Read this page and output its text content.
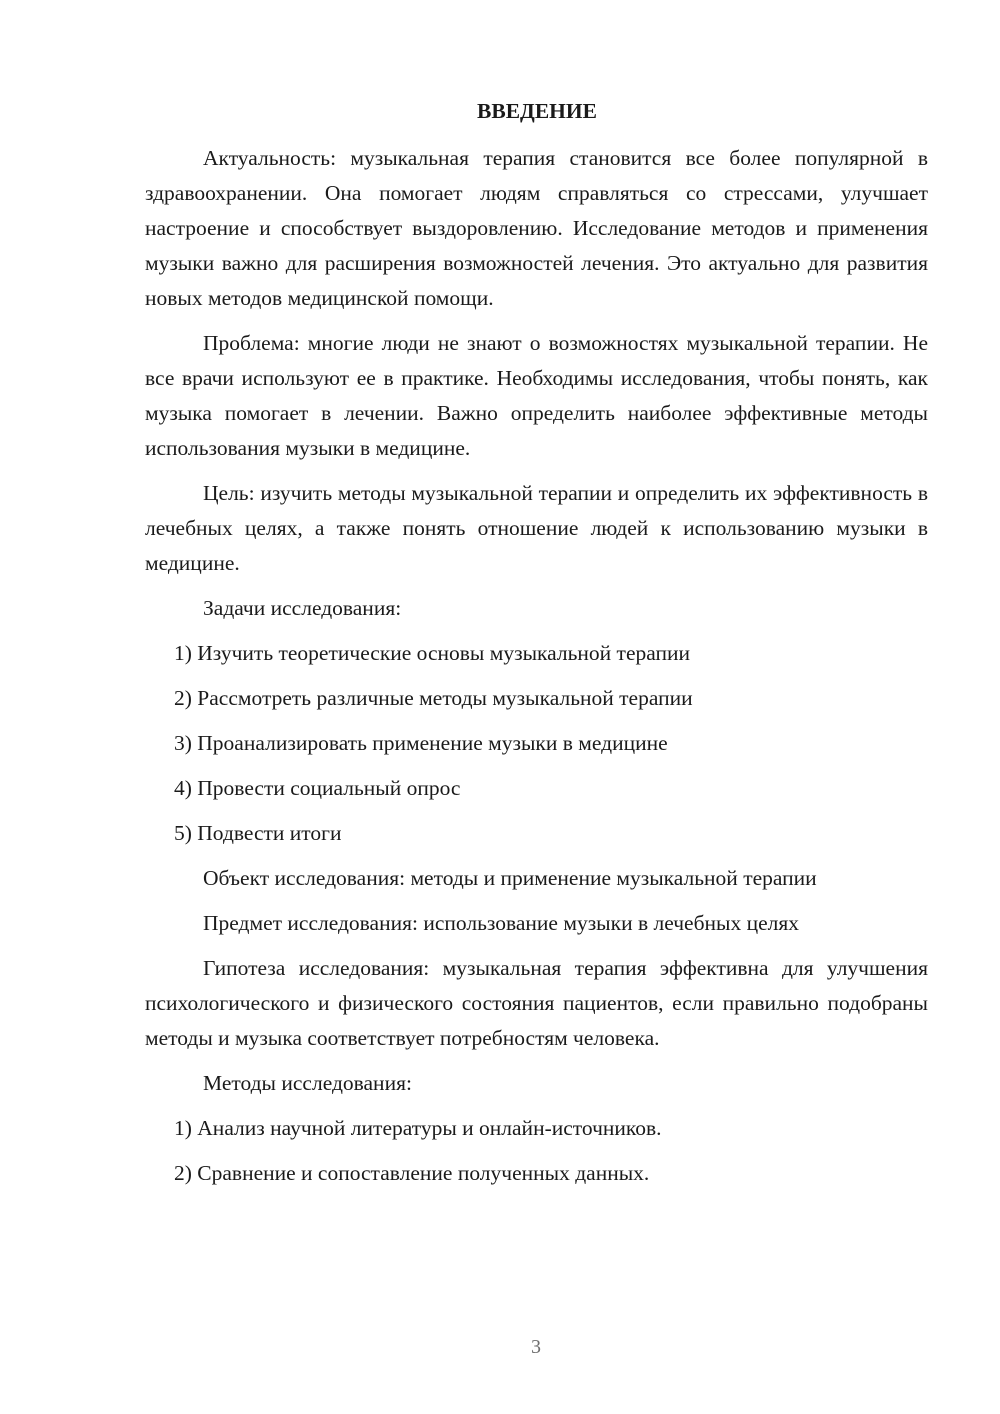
ВВЕДЕНИЕ

Актуальность: музыкальная терапия становится все более популярной в здравоохранении. Она помогает людям справляться со стрессами, улучшает настроение и способствует выздоровлению. Исследование методов и применения музыки важно для расширения возможностей лечения. Это актуально для развития новых методов медицинской помощи.

Проблема: многие люди не знают о возможностях музыкальной терапии. Не все врачи используют ее в практике. Необходимы исследования, чтобы понять, как музыка помогает в лечении. Важно определить наиболее эффективные методы использования музыки в медицине.

Цель: изучить методы музыкальной терапии и определить их эффективность в лечебных целях, а также понять отношение людей к использованию музыки в медицине.

Задачи исследования:
1) Изучить теоретические основы музыкальной терапии
2) Рассмотреть различные методы музыкальной терапии
3) Проанализировать применение музыки в медицине
4) Провести социальный опрос
5) Подвести итоги
Объект исследования: методы и применение музыкальной терапии
Предмет исследования: использование музыки в лечебных целях

Гипотеза исследования: музыкальная терапия эффективна для улучшения психологического и физического состояния пациентов, если правильно подобраны методы и музыка соответствует потребностям человека.

Методы исследования:
1) Анализ научной литературы и онлайн-источников.
2) Сравнение и сопоставление полученных данных.
3
